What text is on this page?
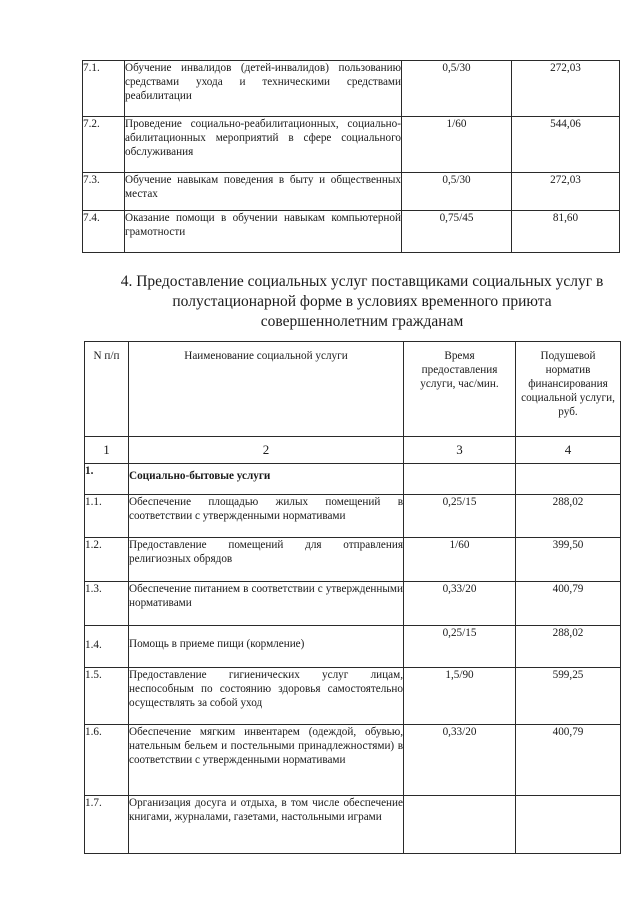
7.1.	Обучение инвалидов (детей-инвалидов) пользованию средствами ухода и техническими средствами реабилитации	0,5/30	272,03
7.2.	Проведение социально-реабилитационных, социально-абилитационных мероприятий в сфере социального обслуживания	1/60	544,06
7.3.	Обучение навыкам поведения в быту и общественных местах	0,5/30	272,03
7.4.	Оказание помощи в обучении навыкам компьютерной грамотности	0,75/45	81,60
4. Предоставление социальных услуг поставщиками социальных услуг в
полустационарной форме в условиях временного приюта
совершеннолетним гражданам
N п/п	Наименование социальной услуги	Время предоставления услуги, час/мин.	Подушевой норматив финансирования социальной услуги, руб.
1	2	3	4
1.	Социально-бытовые услуги		
1.1.	Обеспечение площадью жилых помещений в соответствии с утвержденными нормативами	0,25/15	288,02
1.2.	Предоставление помещений для отправления религиозных обрядов	1/60	399,50
1.3.	Обеспечение питанием в соответствии с утвержденными нормативами	0,33/20	400,79
1.4.	Помощь в приеме пищи (кормление)	0,25/15	288,02
1.5.	Предоставление гигиенических услуг лицам, неспособным по состоянию здоровья самостоятельно осуществлять за собой уход	1,5/90	599,25
1.6.	Обеспечение мягким инвентарем (одеждой, обувью, нательным бельем и постельными принадлежностями) в соответствии с утвержденными нормативами	0,33/20	400,79
1.7.	Организация досуга и отдыха, в том числе обеспечение книгами, журналами, газетами, настольными играми		
